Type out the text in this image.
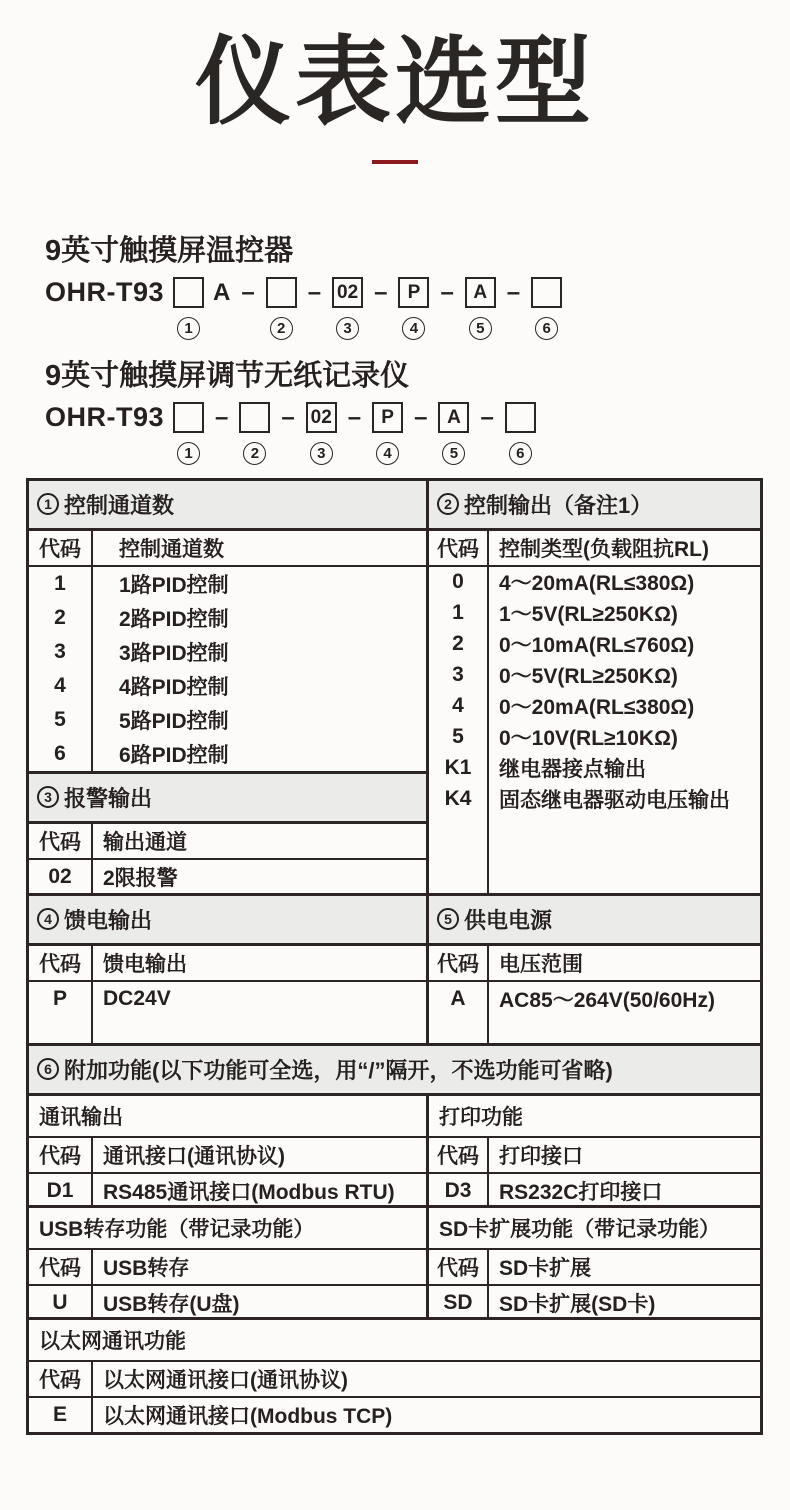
仪表选型
9英寸触摸屏温控器
OHR-T93
1
A –
2
– 02
3
–	P
4
–	A
5
–
6
9英寸触摸屏调节无纸记录仪
OHR-T93
1
–
2
– 02
3
–	P
4
–	A
5
–
6
1 控制通道数
代码	控制通道数
1	1路PID控制
2	2路PID控制
3	3路PID控制
4	4路PID控制
5	5路PID控制
6	6路PID控制
3 报警输出
代码	输出通道
02	2限报警
2 控制输出（备注1）
代码 控制类型(负载阻抗RL)
0	4～20mA(RL≤380Ω)
1	1～5V(RL≥250KΩ)
2	0～10mA(RL≤760Ω)
3	0～5V(RL≥250KΩ)
4	0～20mA(RL≤380Ω)
5	0～10V(RL≥10KΩ)
K1	继电器接点输出
K4	固态继电器驱动电压输出
4 馈电输出
代码	馈电输出
P	DC24V
5 供电电源
代码 电压范围
A	AC85～264V(50/60Hz)
6 附加功能(以下功能可全选，用“/”隔开，不选功能可省略)
通讯输出
代码	通讯接口(通讯协议)
D1	RS485通讯接口(Modbus RTU)
打印功能
代码 打印接口
D3	RS232C打印接口
USB转存功能（带记录功能）
代码	USB转存
U	USB转存(U盘)
SD卡扩展功能（带记录功能）
代码 SD卡扩展
SD	SD卡扩展(SD卡)
以太网通讯功能
代码	以太网通讯接口(通讯协议)
E	以太网通讯接口(Modbus TCP)
